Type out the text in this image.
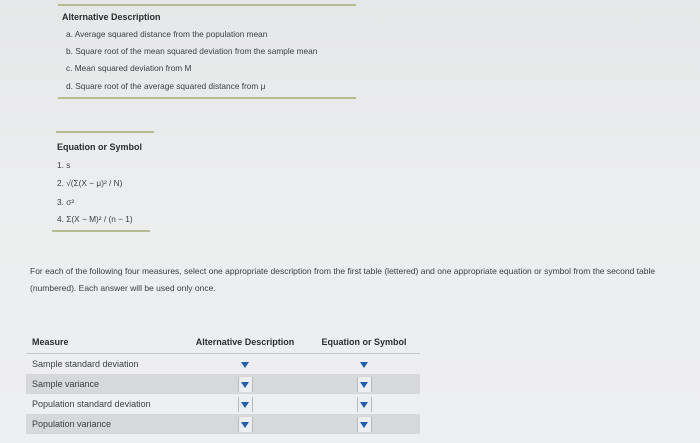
Alternative Description
a. Average squared distance from the population mean
b. Square root of the mean squared deviation from the sample mean
c. Mean squared deviation from M
d. Square root of the average squared distance from μ
Equation or Symbol
1. s
2. √(Σ(X − μ)² / N)
3. σ²
4. Σ(X − M)² / (n − 1)
For each of the following four measures, select one appropriate description from the first table (lettered) and one appropriate equation or symbol from the second table (numbered). Each answer will be used only once.
Measure	Alternative Description	Equation or Symbol
Sample standard deviation		
Sample variance		
Population standard deviation		
Population variance		
